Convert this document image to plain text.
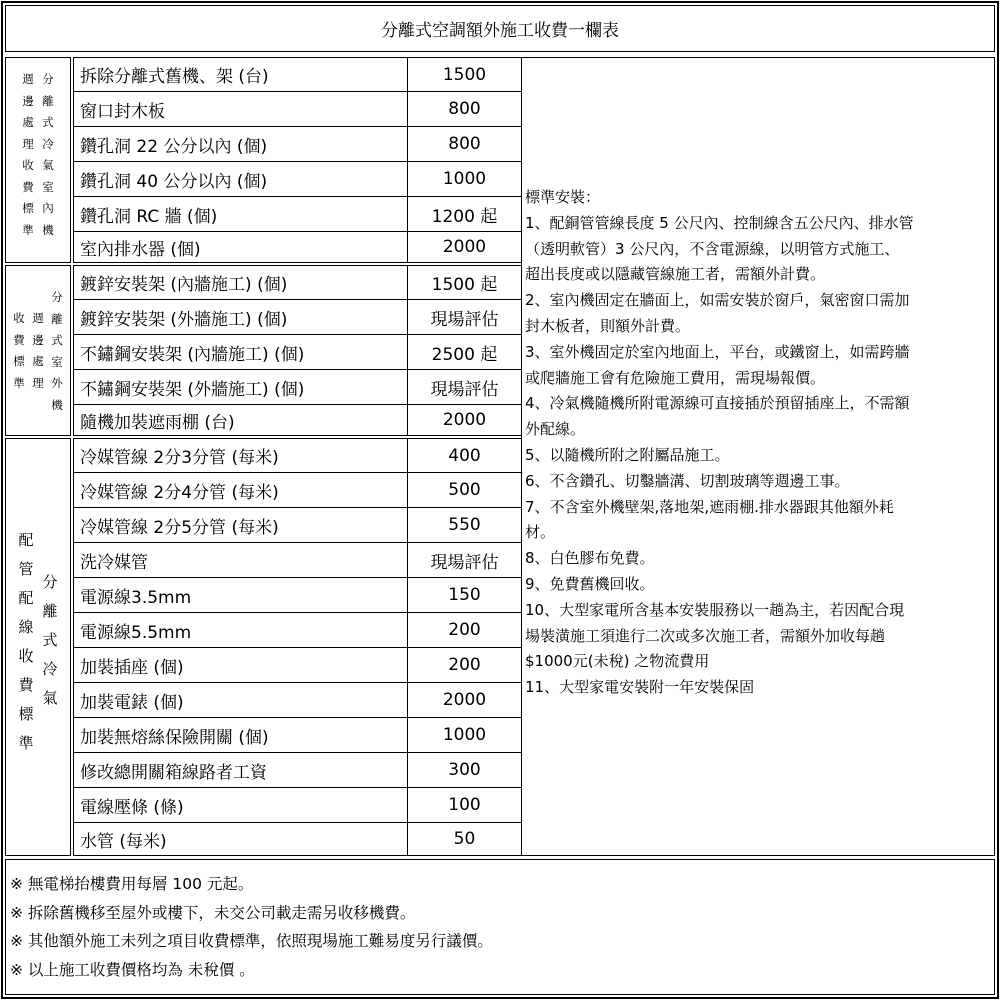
分離式空調額外施工收費一欄表
週
邊
處
理
收
費
標
準
分
離
式
冷
氣
室
內
機
拆除分離式舊機、架 (台)	1500
窗口封木板	800
鑽孔洞 22 公分以內 (個)	800
鑽孔洞 40 公分以內 (個)	1000
鑽孔洞 RC 牆 (個)	1200 起
室內排水器 (個)	2000
收
費
標
準
週
邊
處
理
分
離
式
室
外
機
鍍鋅安裝架 (內牆施工) (個)	1500 起
鍍鋅安裝架 (外牆施工) (個)	現場評估
不鏽鋼安裝架 (內牆施工) (個)	2500 起
不鏽鋼安裝架 (外牆施工) (個)	現場評估
隨機加裝遮雨棚 (台)	2000
配
管
配
線
收
費
標
準
分
離
式
冷
氣
冷媒管線 2分3分管 (每米)	400
冷媒管線 2分4分管 (每米)	500
冷媒管線 2分5分管 (每米)	550
洗冷媒管	現場評估
電源線3.5mm	150
電源線5.5mm	200
加裝插座 (個)	200
加裝電錶 (個)	2000
加裝無熔絲保險開關 (個)	1000
修改總開關箱線路者工資	300
電線壓條 (條)	100
水管 (每米)	50

標準安裝：

1、配銅管管線長度 5 公尺內、控制線含五公尺內、排水管

（透明軟管）3 公尺內，不含電源線，以明管方式施工、

超出長度或以隱藏管線施工者，需額外計費。

2、室內機固定在牆面上，如需安裝於窗戶，氣密窗口需加

封木板者，則額外計費。

3、室外機固定於室內地面上，平台，或鐵窗上，如需跨牆

或爬牆施工會有危險施工費用，需現場報價。

4、冷氣機隨機所附電源線可直接插於預留插座上，不需額

外配線。

5、以隨機所附之附屬品施工。

6、不含鑽孔、切鑿牆溝、切割玻璃等週邊工事。

7、不含室外機壁架,落地架,遮雨棚.排水器跟其他額外耗

材。

8、白色膠布免費。

9、免費舊機回收。

10、大型家電所含基本安裝服務以一趟為主，若因配合現

場裝潢施工須進行二次或多次施工者，需額外加收每趟

$1000元(未稅) 之物流費用

11、大型家電安裝附一年安裝保固

※ 無電梯抬樓費用每層 100 元起。

※ 拆除舊機移至屋外或樓下，未交公司載走需另收移機費。

※ 其他額外施工未列之項目收費標準，依照現場施工難易度另行議價。

※ 以上施工收費價格均為 未稅價 。
